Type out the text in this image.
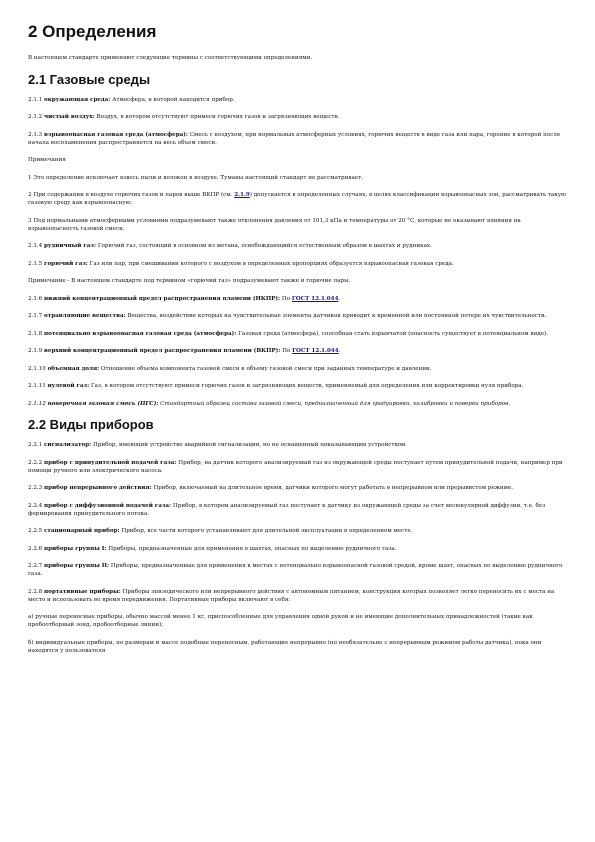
2 Определения

В настоящем стандарте применяют следующие термины с соответствующими определениями.

2.1 Газовые среды

2.1.1 окружающая среда: Атмосфера, в которой находится прибор.

2.1.2 чистый воздух: Воздух, в котором отсутствуют примеси горючих газов и загрязняющих веществ.

2.1.3 взрывоопасная газовая среда (атмосфера): Смесь с воздухом, при нормальных атмосферных условиях, горючих веществ в виде газа или пара, горение в которой после начала воспламенения распространяется на весь объем смеси.

Примечания

1 Это определение исключает взвесь пыли и волокон в воздухе. Туманы настоящий стандарт не рассматривает.

2 При содержании в воздухе горючих газов и паров выше ВКПР (см. 2.1.9) допускается в определенных случаях, в целях классификации взрывоопасных зон, рассматривать такую газовую среду как взрывоопасную.

3 Под нормальными атмосферными условиями подразумевают также отклонения давления от 101,3 кПа и температуры от 20 °С, которые не оказывают влияния на взрывоопасность газовой смеси.

2.1.4 рудничный газ: Горючий газ, состоящий в основном из метана, освобождающийся естественным образом в шахтах и рудниках.

2.1.5 горючий газ: Газ или пар, при смешивании которого с воздухом в определенных пропорциях образуется взрывоопасная газовая среда.

Примечание - В настоящем стандарте под термином «горючий газ» подразумевают также и горючие пары.

2.1.6 нижний концентрационный предел распространения пламени (НКПР): По ГОСТ 12.1.044.

2.1.7 отравляющие вещества: Вещества, воздействие которых на чувствительные элементы датчиков приводит к временной или постоянной потере их чувствительности.

2.1.8 потенциально взрывоопасная газовая среда (атмосфера): Газовая среда (атмосфера), способная стать взрывчатой (опасность существует в потенциальном виде).

2.1.9 верхний концентрационный предел распространения пламени (ВКПР): По ГОСТ 12.1.044.

2.1.10 объемная доля: Отношение объема компонента газовой смеси к объему газовой смеси при заданных температуре и давлении.

2.1.11 нулевой газ: Газ, в котором отсутствуют примеси горючих газов и загрязняющих веществ, применяемый для определения или корректировки нуля прибора.

2.1.12 поверочная газовая смесь (ПГС): Стандартный образец состава газовой смеси, предназначенный для градуировки, калибровки и поверки приборов.

2.2 Виды приборов

2.2.1 сигнализатор: Прибор, имеющий устройство аварийной сигнализации, но не оснащенный показывающим устройством.

2.2.2 прибор с принудительной подачей газа: Прибор, на датчик которого анализируемый газ из окружающей среды поступает путем принудительной подачи, например при помощи ручного или электрического насоса.

2.2.3 прибор непрерывного действия: Прибор, включаемый на длительное время, датчики которого могут работать в непрерывном или прерывистом режиме.

2.2.4 прибор с диффузионной подачей газа: Прибор, в котором анализируемый газ поступает к датчику из окружающей среды за счет молекулярной диффузии, т.е. без формирования принудительного потока.

2.2.5 стационарный прибор: Прибор, все части которого устанавливают для длительной эксплуатации в определенном месте.

2.2.6 приборы группы I: Приборы, предназначенные для применения в шахтах, опасных по выделению рудничного газа.

2.2.7 приборы группы II: Приборы, предназначенные для применения в местах с потенциально взрывоопасной газовой средой, кроме шахт, опасных по выделению рудничного газа.

2.2.8 портативные приборы: Приборы эпизодического или непрерывного действия с автономным питанием, конструкция которых позволяет легко переносить их с места на место и использовать во время передвижения. Портативные приборы включают в себя:

а) ручные переносные приборы, обычно массой менее 1 кг, приспособленные для управления одной рукой и не имеющие дополнительных принадлежностей (такие как пробоотборный зонд, пробоотборные линии);

б) индивидуальные приборы, по размерам и массе подобные переносным, работающие непрерывно (но необязательно с непрерывным режимом работы датчика), пока они находятся у пользователя
